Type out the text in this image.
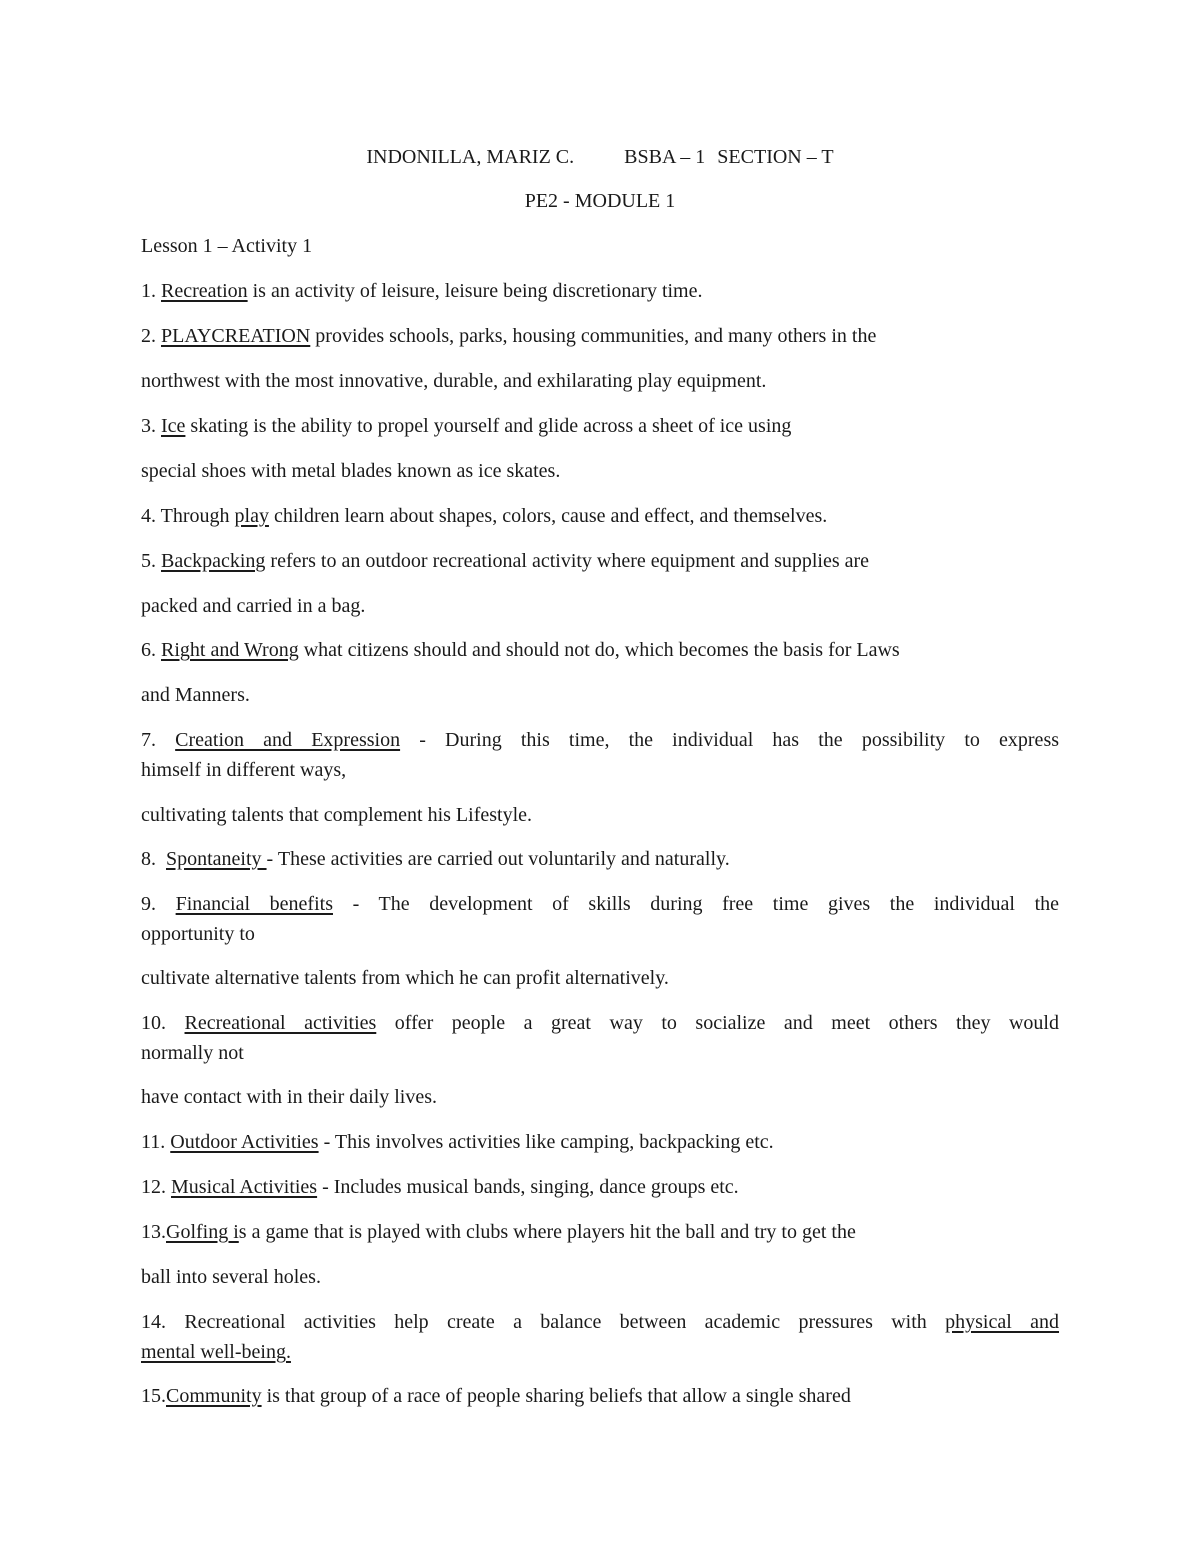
INDONILLA, MARIZ C.	BSBA – 1 SECTION – T
PE2 - MODULE 1
Lesson 1 – Activity 1
1. Recreation is an activity of leisure, leisure being discretionary time.
2. PLAYCREATION provides schools, parks, housing communities, and many others in the
northwest with the most innovative, durable, and exhilarating play equipment.
3. Ice skating is the ability to propel yourself and glide across a sheet of ice using
special shoes with metal blades known as ice skates.
4. Through play children learn about shapes, colors, cause and effect, and themselves.
5. Backpacking refers to an outdoor recreational activity where equipment and supplies are
packed and carried in a bag.
6. Right and Wrong what citizens should and should not do, which becomes the basis for Laws
and Manners.
7. Creation and Expression - During this time, the individual has the possibility to express
himself in different ways,
cultivating talents that complement his Lifestyle.
8.  Spontaneity - These activities are carried out voluntarily and naturally.
9. Financial benefits - The development of skills during free time gives the individual the
opportunity to
cultivate alternative talents from which he can profit alternatively.
10. Recreational activities offer people a great way to socialize and meet others they would
normally not
have contact with in their daily lives.
11. Outdoor Activities - This involves activities like camping, backpacking etc.
12. Musical Activities - Includes musical bands, singing, dance groups etc.
13.Golfing is a game that is played with clubs where players hit the ball and try to get the
ball into several holes.
14. Recreational activities help create a balance between academic pressures with physical and
mental well-being.
15.Community is that group of a race of people sharing beliefs that allow a single shared
